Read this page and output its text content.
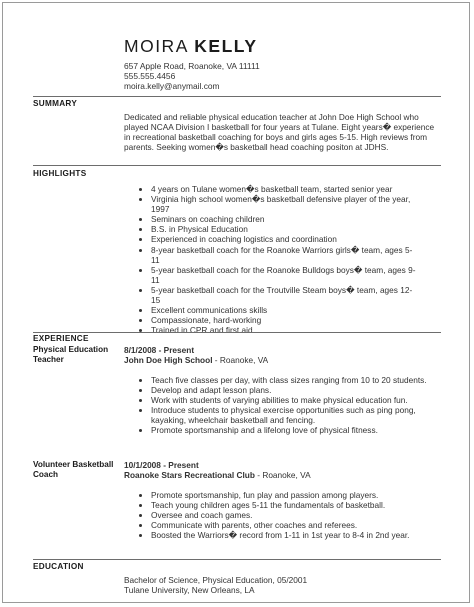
MOIRA KELLY
657 Apple Road, Roanoke, VA 11111
555.555.4456
moira.kelly@anymail.com
SUMMARY
Dedicated and reliable physical education teacher at John Doe High School who played NCAA Division I basketball for four years at Tulane. Eight years� experience in recreational basketball coaching for boys and girls ages 5-15. High reviews from parents. Seeking women�s basketball head coaching positon at JDHS.
HIGHLIGHTS
• 4 years on Tulane women�s basketball team, started senior year
• Virginia high school women�s basketball defensive player of the year, 1997
• Seminars on coaching children
• B.S. in Physical Education
• Experienced in coaching logistics and coordination
• 8-year basketball coach for the Roanoke Warriors girls� team, ages 5-11
• 5-year basketball coach for the Roanoke Bulldogs boys� team, ages 9-11
• 5-year basketball coach for the Troutville Steam boys� team, ages 12-15
• Excellent communications skills
• Compassionate, hard-working
• Trained in CPR and first aid
EXPERIENCE
Physical Education Teacher
8/1/2008 - Present
John Doe High School - Roanoke, VA
• Teach five classes per day, with class sizes ranging from 10 to 20 students.
• Develop and adapt lesson plans.
• Work with students of varying abilities to make physical education fun.
• Introduce students to physical exercise opportunities such as ping pong, kayaking, wheelchair basketball and fencing.
• Promote sportsmanship and a lifelong love of physical fitness.
Volunteer Basketball Coach
10/1/2008 - Present
Roanoke Stars Recreational Club - Roanoke, VA
• Promote sportsmanship, fun play and passion among players.
• Teach young children ages 5-11 the fundamentals of basketball.
• Oversee and coach games.
• Communicate with parents, other coaches and referees.
• Boosted the Warriors� record from 1-11 in 1st year to 8-4 in 2nd year.
EDUCATION
Bachelor of Science, Physical Education, 05/2001
Tulane University, New Orleans, LA
